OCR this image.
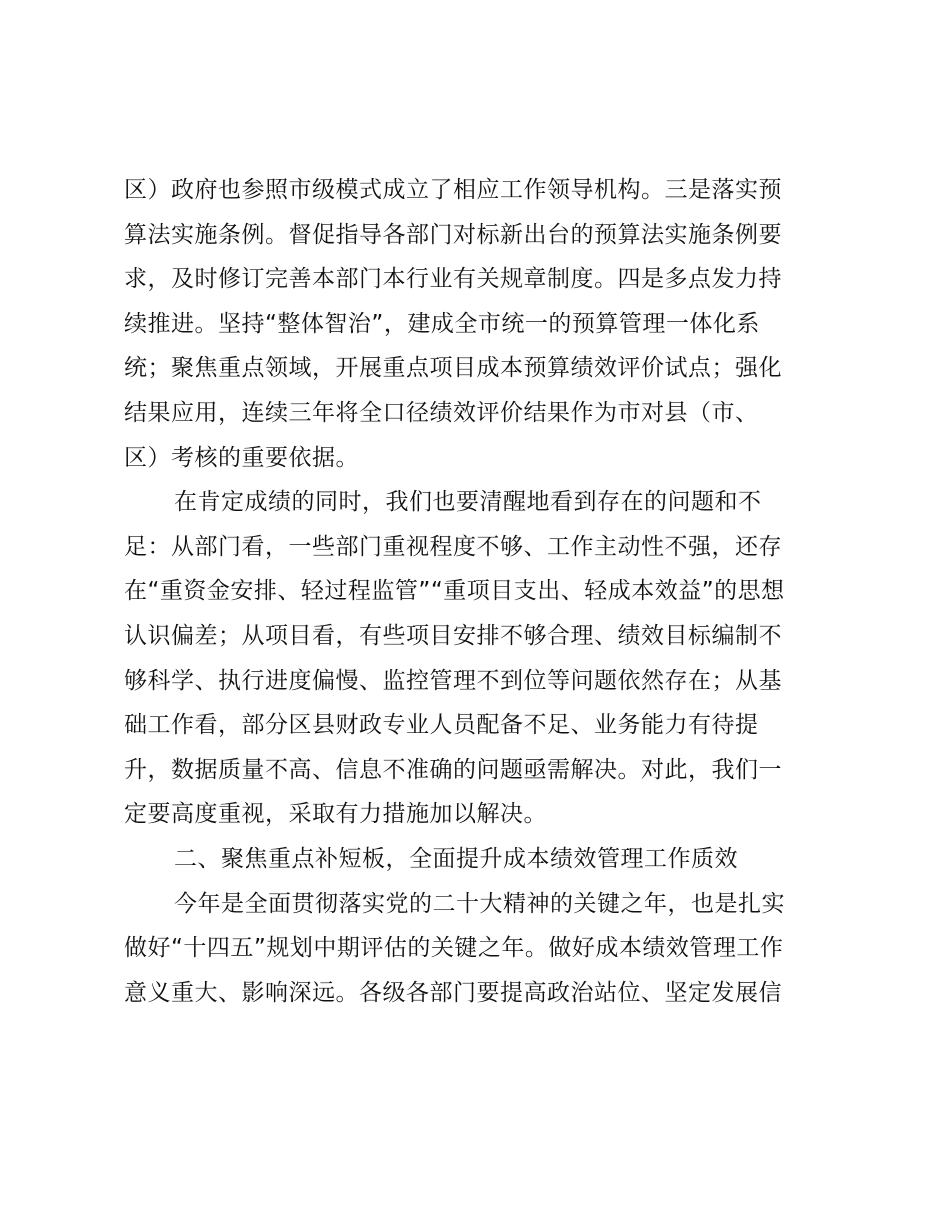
区）政府也参照市级模式成立了相应工作领导机构。三是落实预
算法实施条例。督促指导各部门对标新出台的预算法实施条例要
求，及时修订完善本部门本行业有关规章制度。四是多点发力持
续推进。坚持“整体智治”，建成全市统一的预算管理一体化系
统；聚焦重点领域，开展重点项目成本预算绩效评价试点；强化
结果应用，连续三年将全口径绩效评价结果作为市对县（市、
区）考核的重要依据。
在肯定成绩的同时，我们也要清醒地看到存在的问题和不
足：从部门看，一些部门重视程度不够、工作主动性不强，还存
在“重资金安排、轻过程监管”“重项目支出、轻成本效益”的思想
认识偏差；从项目看，有些项目安排不够合理、绩效目标编制不
够科学、执行进度偏慢、监控管理不到位等问题依然存在；从基
础工作看，部分区县财政专业人员配备不足、业务能力有待提
升，数据质量不高、信息不准确的问题亟需解决。对此，我们一
定要高度重视，采取有力措施加以解决。
二、聚焦重点补短板，全面提升成本绩效管理工作质效
今年是全面贯彻落实党的二十大精神的关键之年，也是扎实
做好“十四五”规划中期评估的关键之年。做好成本绩效管理工作
意义重大、影响深远。各级各部门要提高政治站位、坚定发展信
